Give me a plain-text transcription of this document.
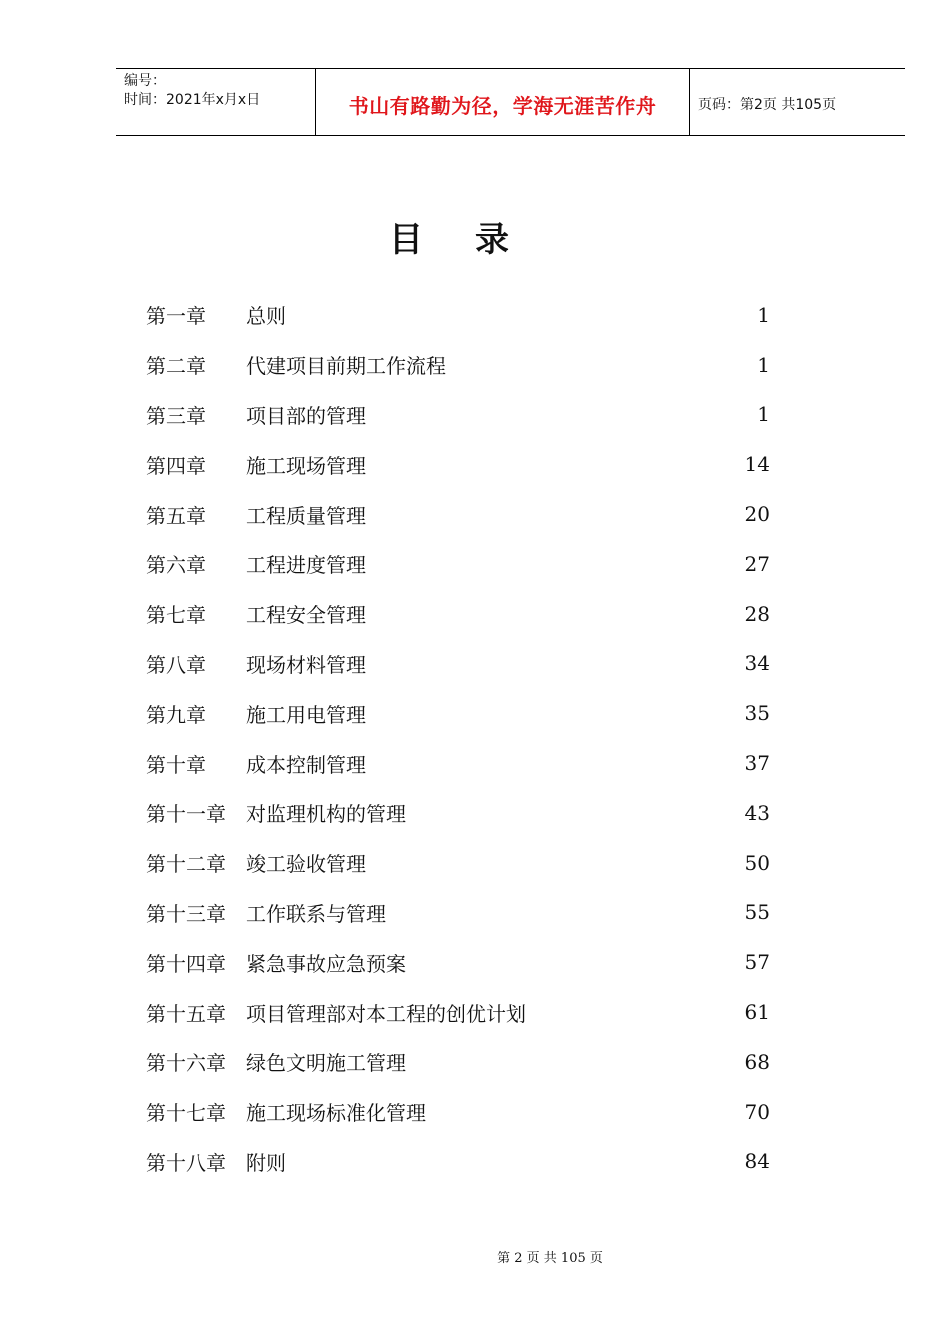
编号：
时间：2021年x月x日	书山有路勤为径，学海无涯苦作舟	页码：第2页 共105页
目录
第一章	总则	1
第二章	代建项目前期工作流程	1
第三章	项目部的管理	1
第四章	施工现场管理	14
第五章	工程质量管理	20
第六章	工程进度管理	27
第七章	工程安全管理	28
第八章	现场材料管理	34
第九章	施工用电管理	35
第十章	成本控制管理	37
第十一章	对监理机构的管理	43
第十二章	竣工验收管理	50
第十三章	工作联系与管理	55
第十四章	紧急事故应急预案	57
第十五章	项目管理部对本工程的创优计划	61
第十六章	绿色文明施工管理	68
第十七章	施工现场标准化管理	70
第十八章	附则	84
第 2 页 共 105 页
